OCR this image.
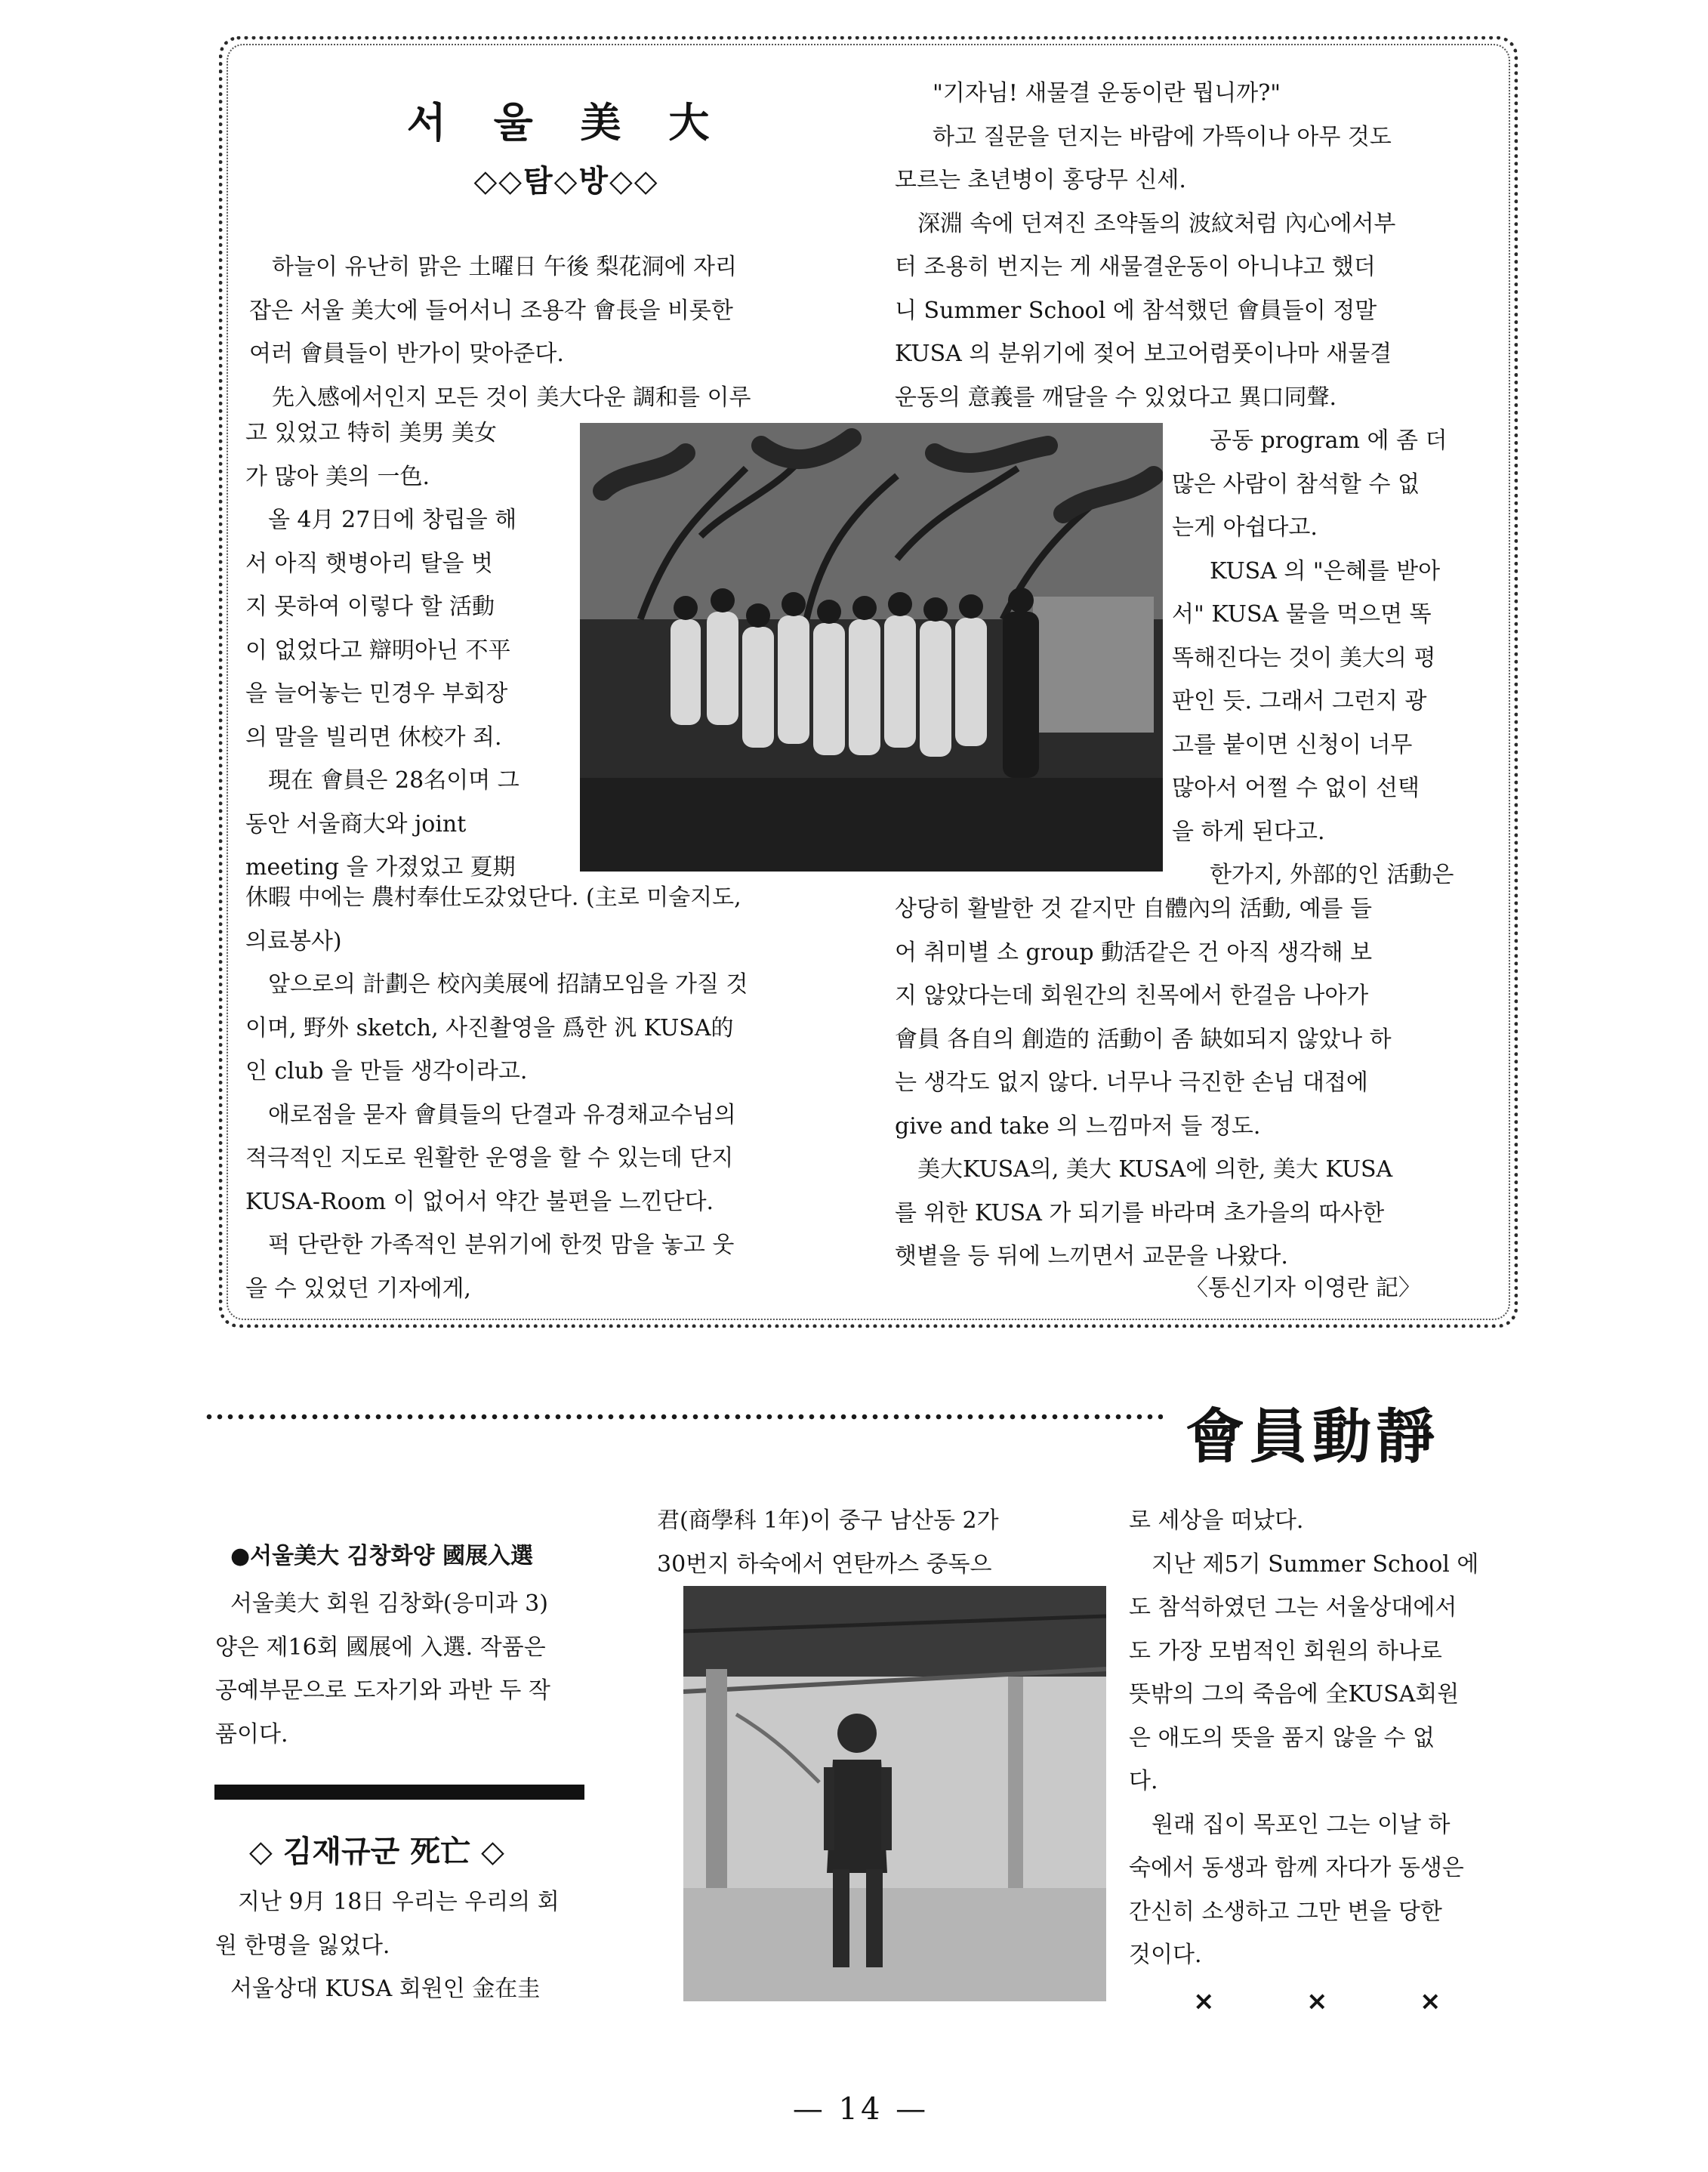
서 울 美 大
◇◇탐◇방◇◇
하늘이 유난히 맑은 土曜日 午後 梨花洞에 자리
잡은 서울 美大에 들어서니 조용각 會長을 비롯한
여러 會員들이 반가이 맞아준다.
先入感에서인지 모든 것이 美大다운 調和를 이루
고 있었고 特히 美男 美女
가 많아 美의 一色.
올 4月 27日에 창립을 해
서 아직 햇병아리 탈을 벗
지 못하여 이렇다 할 活動
이 없었다고 辯明아닌 不平
을 늘어놓는 민경우 부회장
의 말을 빌리면 休校가 죄.
現在 會員은 28名이며 그
동안 서울商大와 joint
meeting 을 가졌었고 夏期
休暇 中에는 農村奉仕도갔었단다. (主로 미술지도,
의료봉사)
앞으로의 計劃은 校內美展에 招請모임을 가질 것
이며, 野外 sketch, 사진촬영을 爲한 汎 KUSA的
인 club 을 만들 생각이라고.
애로점을 묻자 會員들의 단결과 유경채교수님의
적극적인 지도로 원활한 운영을 할 수 있는데 단지
KUSA-Room 이 없어서 약간 불편을 느낀단다.
퍽 단란한 가족적인 분위기에 한껏 맘을 놓고 웃
을 수 있었던 기자에게,
"기자님! 새물결 운동이란 뭡니까?"
하고 질문을 던지는 바람에 가뜩이나 아무 것도
모르는 초년병이 홍당무 신세.
深淵 속에 던져진 조약돌의 波紋처럼 內心에서부
터 조용히 번지는 게 새물결운동이 아니냐고 했더
니 Summer School 에 참석했던 會員들이 정말
KUSA 의 분위기에 젖어 보고어렴풋이나마 새물결
운동의 意義를 깨달을 수 있었다고 異口同聲.
공동 program 에 좀 더
많은 사람이 참석할 수 없
는게 아쉽다고.
KUSA 의 "은혜를 받아
서" KUSA 물을 먹으면 똑
똑해진다는 것이 美大의 평
판인 듯. 그래서 그런지 광
고를 붙이면 신청이 너무
많아서 어쩔 수 없이 선택
을 하게 된다고.
한가지, 外部的인 活動은
상당히 활발한 것 같지만 自體內의 活動, 예를 들
어 취미별 소 group 動活같은 건 아직 생각해 보
지 않았다는데 회원간의 친목에서 한걸음 나아가
會員 各自의 創造的 活動이 좀 缺如되지 않았나 하
는 생각도 없지 않다. 너무나 극진한 손님 대접에
give and take 의 느낌마저 들 정도.
美大KUSA의, 美大 KUSA에 의한, 美大 KUSA
를 위한 KUSA 가 되기를 바라며 초가을의 따사한
햇볕을 등 뒤에 느끼면서 교문을 나왔다.
〈통신기자 이영란 記〉
會員動靜
●서울美大 김창화양 國展入選
서울美大 회원 김창화(응미과 3)
양은 제16회 國展에 入選. 작품은
공예부문으로 도자기와 과반 두 작
품이다.
◇ 김재규군 死亡 ◇
지난 9月 18日 우리는 우리의 회
원 한명을 잃었다.
서울상대 KUSA 회원인 金在圭
君(商學科 1年)이 중구 남산동 2가
30번지 하숙에서 연탄까스 중독으
로 세상을 떠났다.
지난 제5기 Summer School 에
도 참석하였던 그는 서울상대에서
도 가장 모범적인 회원의 하나로
뜻밖의 그의 죽음에 全KUSA회원
은 애도의 뜻을 품지 않을 수 없
다.
원래 집이 목포인 그는 이날 하
숙에서 동생과 함께 자다가 동생은
간신히 소생하고 그만 변을 당한
것이다.
×	×	×
— 14 —
